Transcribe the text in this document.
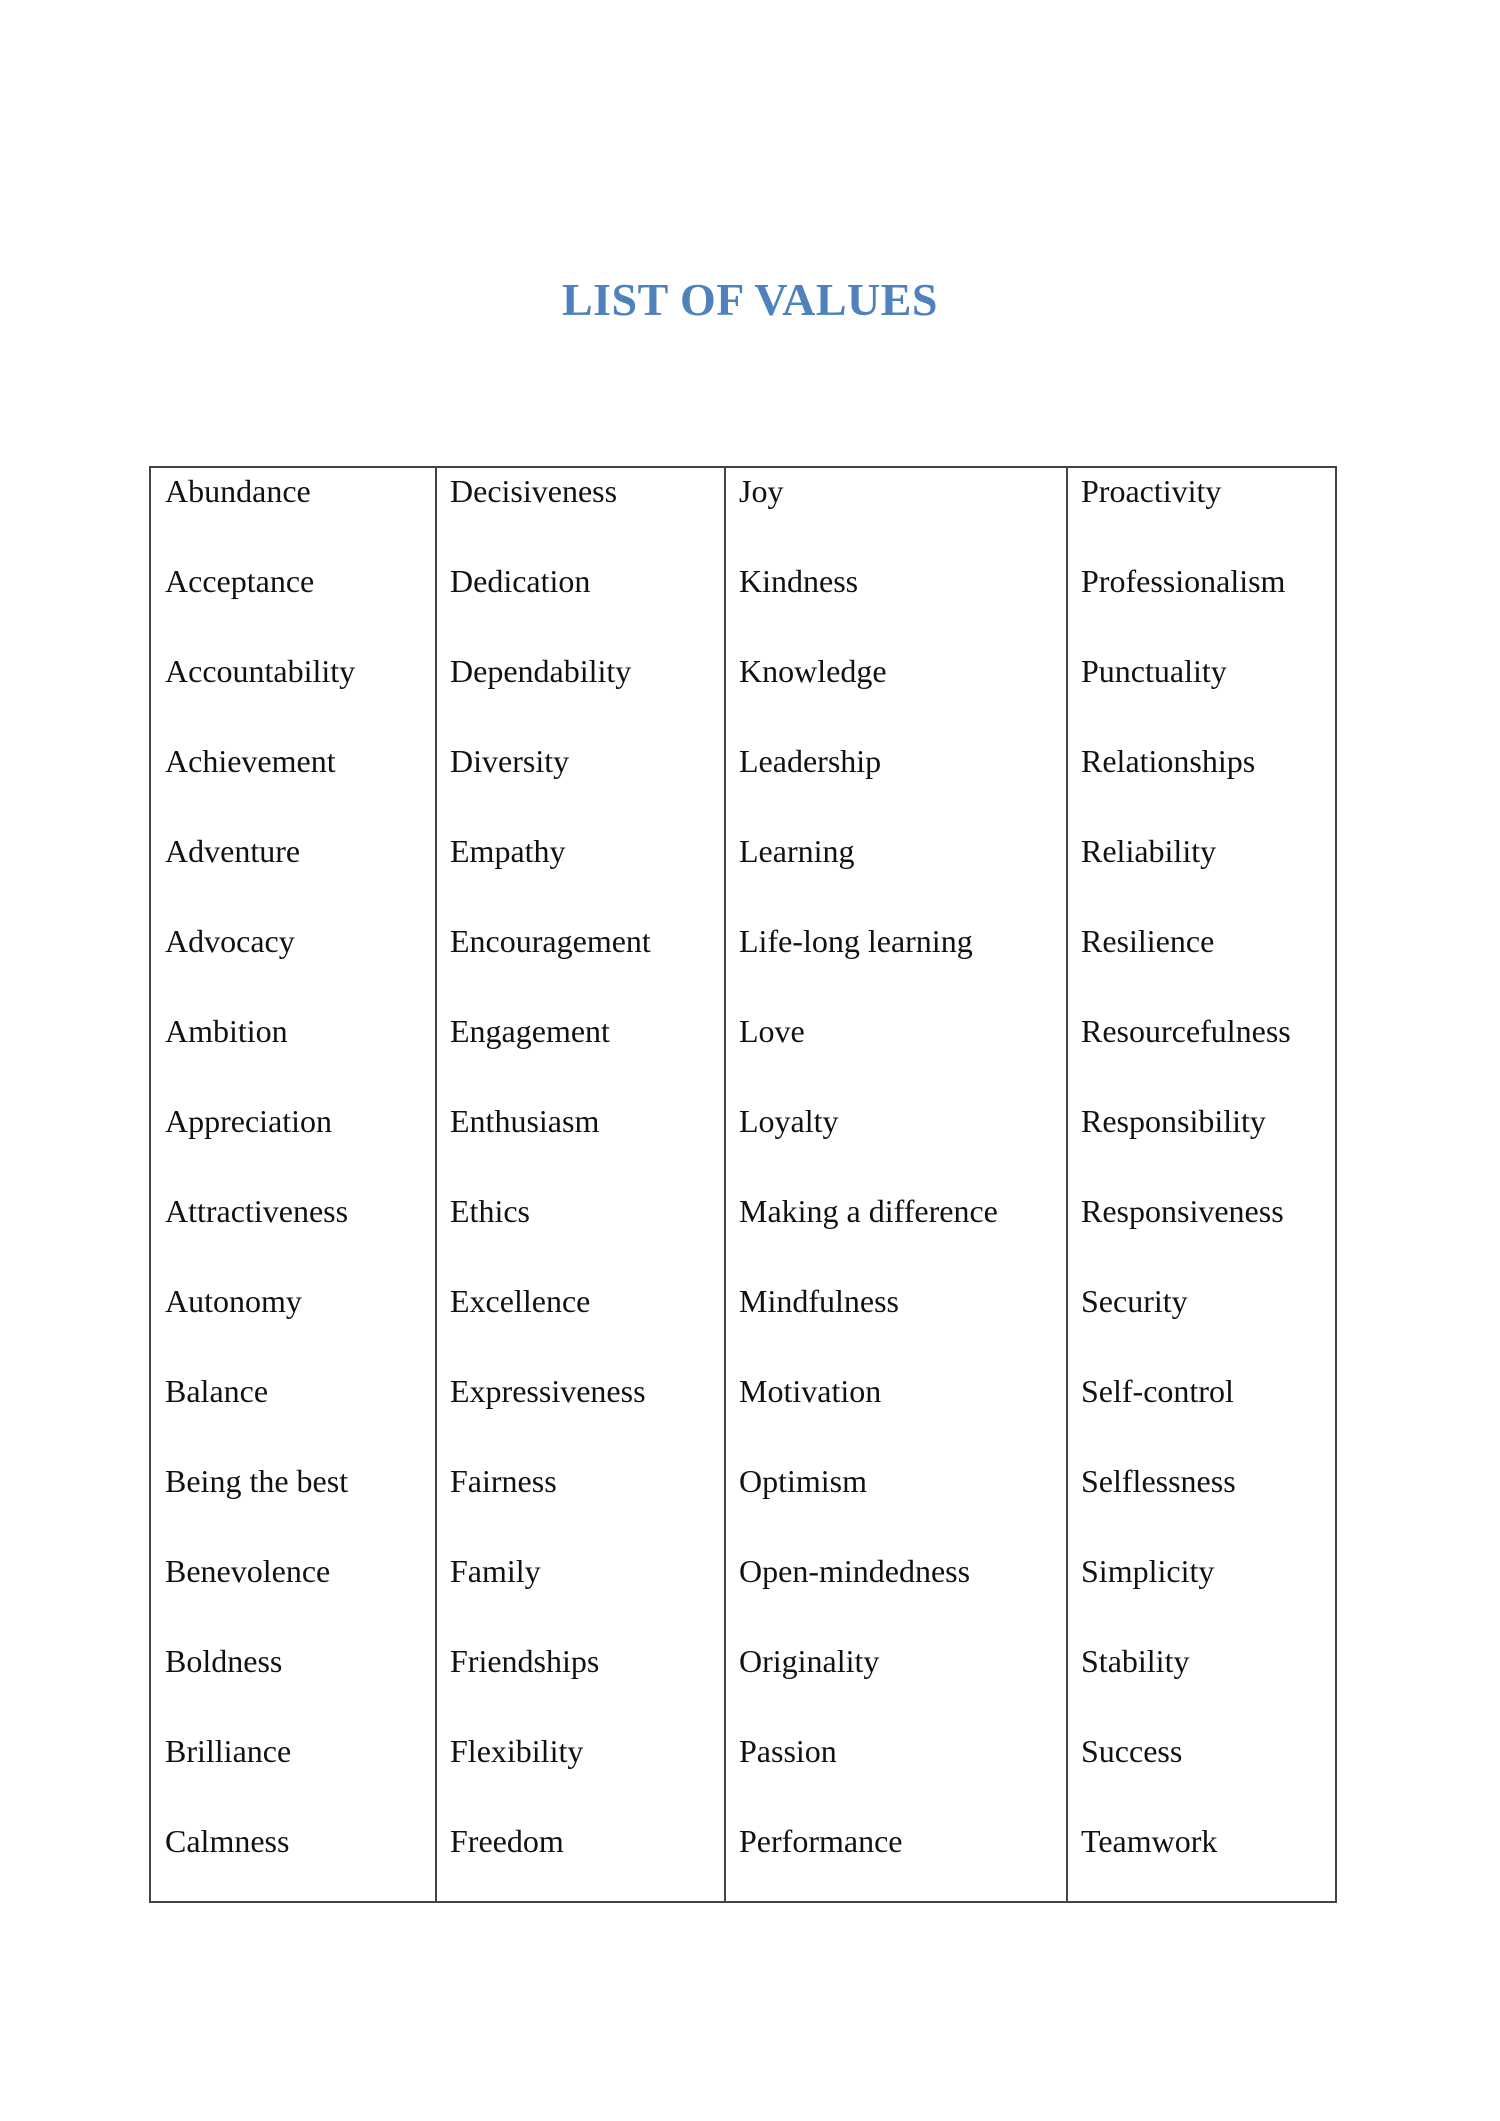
LIST OF VALUES
Abundance
Acceptance
Accountability
Achievement
Adventure
Advocacy
Ambition
Appreciation
Attractiveness
Autonomy
Balance
Being the best
Benevolence
Boldness
Brilliance
Calmness
Decisiveness
Dedication
Dependability
Diversity
Empathy
Encouragement
Engagement
Enthusiasm
Ethics
Excellence
Expressiveness
Fairness
Family
Friendships
Flexibility
Freedom
Joy
Kindness
Knowledge
Leadership
Learning
Life-long learning
Love
Loyalty
Making a difference
Mindfulness
Motivation
Optimism
Open-mindedness
Originality
Passion
Performance
Proactivity
Professionalism
Punctuality
Relationships
Reliability
Resilience
Resourcefulness
Responsibility
Responsiveness
Security
Self-control
Selflessness
Simplicity
Stability
Success
Teamwork
